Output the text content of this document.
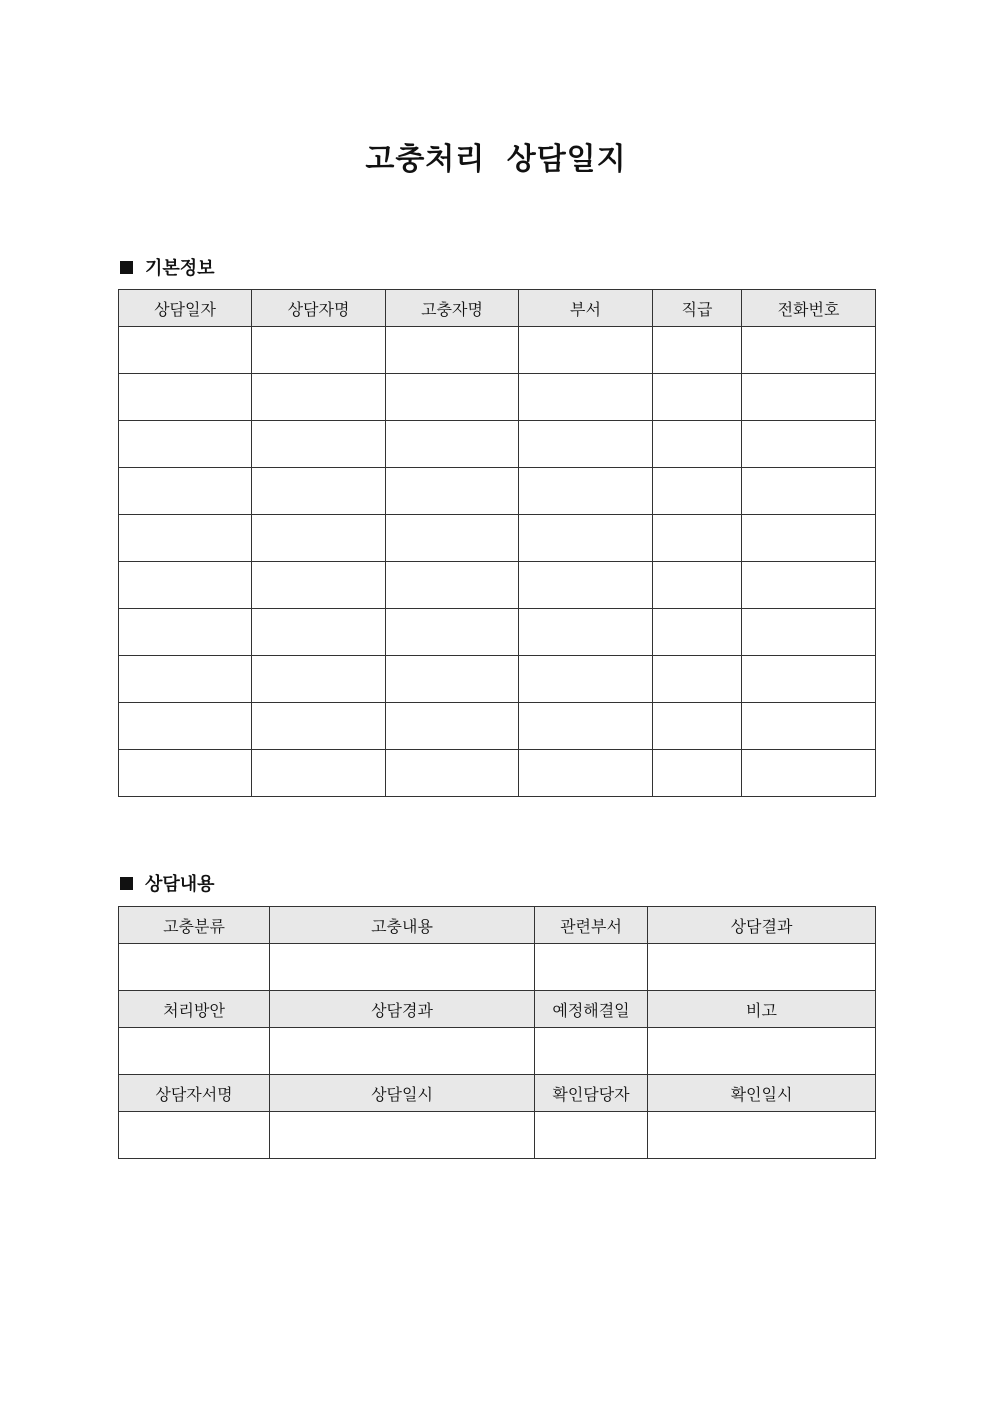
고충처리 상담일지
기본정보
상담일자	상담자명	고충자명	부서	직급	전화번호

상담내용
고충분류	고충내용	관련부서	상담결과

처리방안	상담경과	예정해결일	비고

상담자서명	상담일시	확인담당자	확인일시
